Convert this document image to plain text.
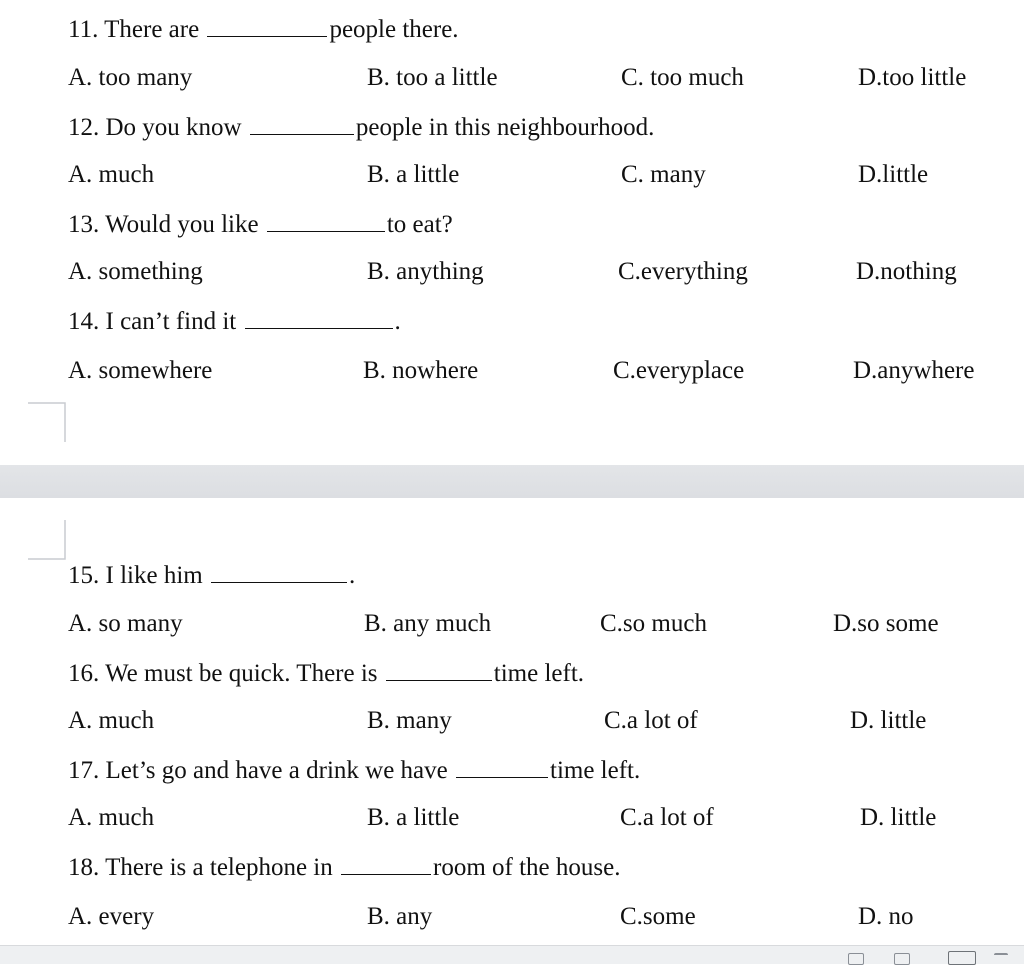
11. There are	people there.
A. too many	B. too a little	C. too much	D.too little
12. Do you know	people in this neighbourhood.
A. much	B. a little	C. many	D.little
13. Would you like	to eat?
A. something	B. anything	C.everything	D.nothing
14. I can’t find it	.
A. somewhere	B. nowhere	C.everyplace	D.anywhere
15. I like him	.
A. so many	B. any much	C.so much	D.so some
16. We must be quick. There is	time left.
A. much	B. many	C.a lot of	D. little
17. Let’s go and have a drink we have	time left.
A. much	B. a little	C.a lot of	D. little
18. There is a telephone in	room of the house.
A. every	B. any	C.some	D. no
